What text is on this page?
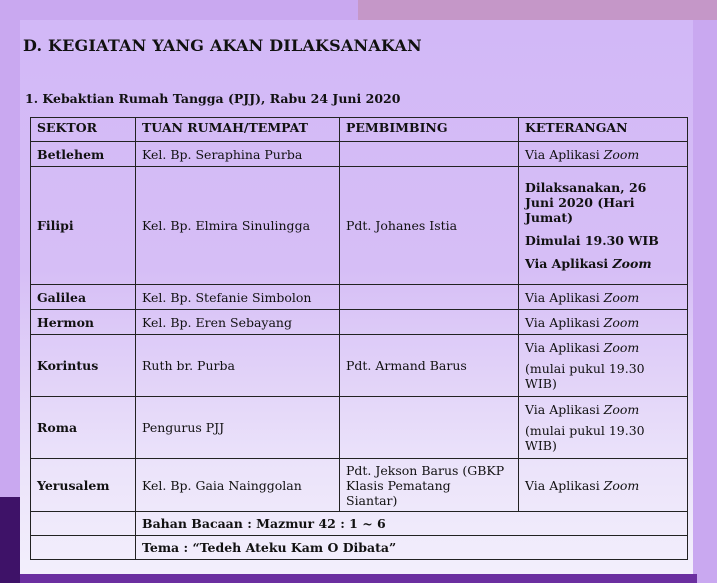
D. KEGIATAN YANG AKAN DILAKSANAKAN
1. Kebaktian Rumah Tangga (PJJ), Rabu 24 Juni 2020
SEKTOR	TUAN RUMAH/TEMPAT	PEMBIMBING	KETERANGAN
Betlehem	Kel. Bp. Seraphina Purba		Via Aplikasi Zoom
Filipi	Kel. Bp. Elmira Sinulingga	Pdt. Johanes Istia	Dilaksanakan, 26
Juni 2020 (Hari
Jumat)
Dimulai 19.30 WIB
Via Aplikasi Zoom

Galilea	Kel. Bp. Stefanie Simbolon		Via Aplikasi Zoom
Hermon	Kel. Bp. Eren Sebayang		Via Aplikasi Zoom
Korintus	Ruth br. Purba	Pdt. Armand Barus	Via Aplikasi Zoom
(mulai pukul 19.30
WIB)

Roma	Pengurus PJJ		Via Aplikasi Zoom
(mulai pukul 19.30
WIB)

Yerusalem	Kel. Bp. Gaia Nainggolan	Pdt. Jekson Barus (GBKP
Klasis Pematang
Siantar)	Via Aplikasi Zoom
	Bahan Bacaan : Mazmur 42 : 1 ~ 6		
	Tema : “Tedeh Ateku Kam O Dibata”		
